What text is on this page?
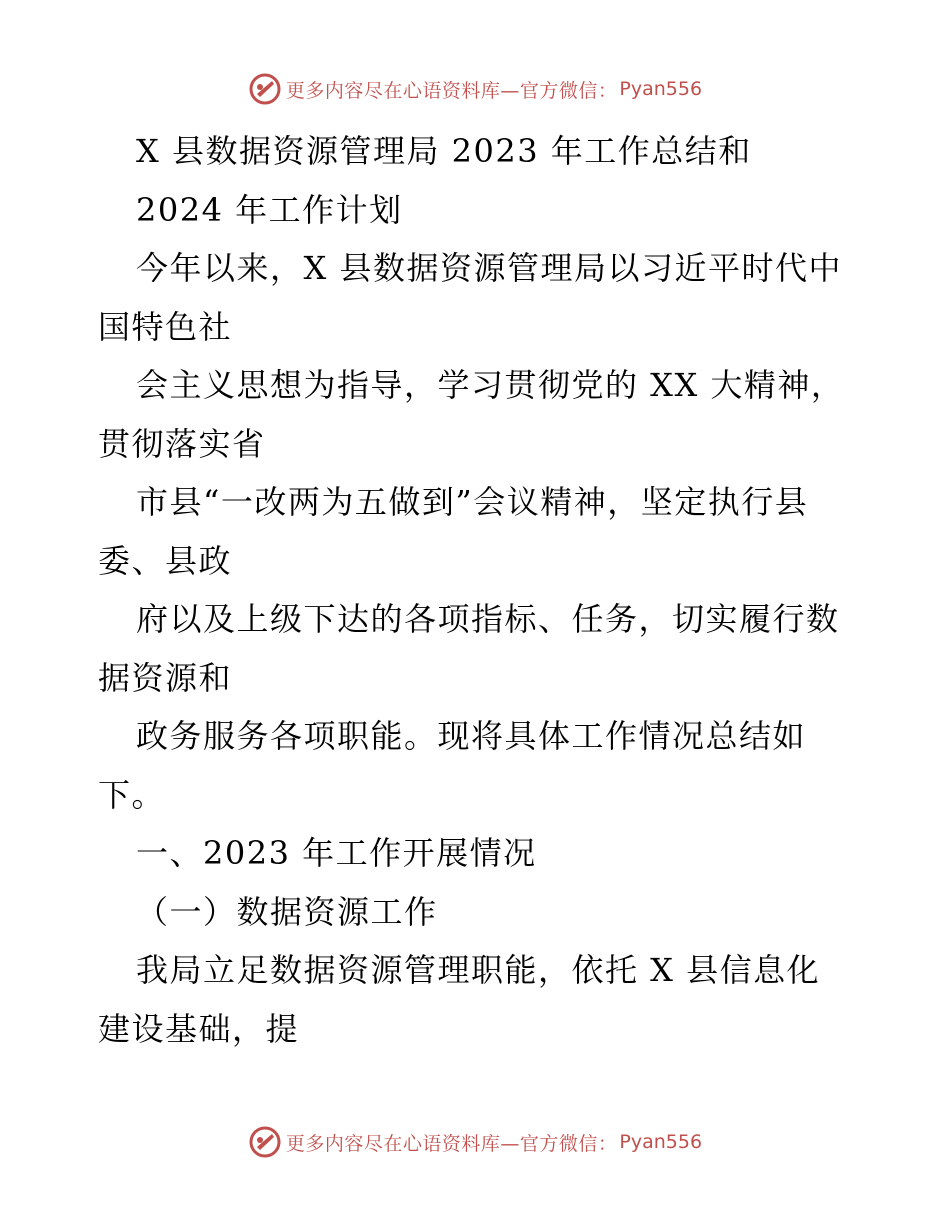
更多内容尽在心语资料库—官方微信： Pyan556
X 县数据资源管理局 2023 年工作总结和
2024 年工作计划
今年以来，X 县数据资源管理局以习近平时代中
国特色社
会主义思想为指导，学习贯彻党的 XX 大精神，
贯彻落实省
市县“一改两为五做到”会议精神，坚定执行县
委、县政
府以及上级下达的各项指标、任务，切实履行数
据资源和
政务服务各项职能。现将具体工作情况总结如
下。
一、2023 年工作开展情况
（一）数据资源工作
我局立足数据资源管理职能，依托 X 县信息化
建设基础，提
更多内容尽在心语资料库—官方微信： Pyan556
